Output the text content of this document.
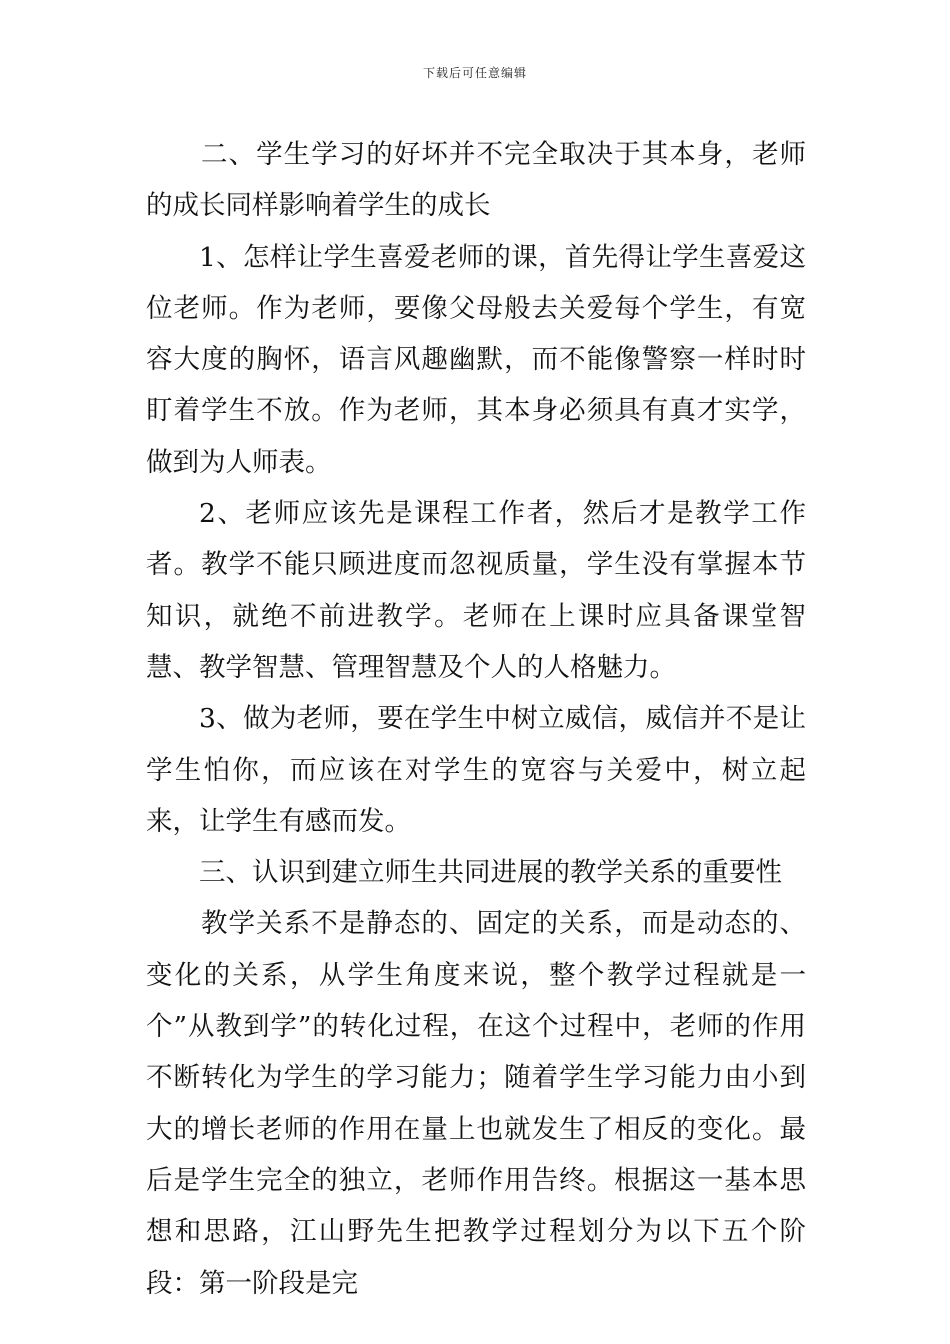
下载后可任意编辑

二、学生学习的好坏并不完全取决于其本身，老师的成长同样影响着学生的成长

1、怎样让学生喜爱老师的课，首先得让学生喜爱这位老师。作为老师，要像父母般去关爱每个学生，有宽容大度的胸怀，语言风趣幽默，而不能像警察一样时时盯着学生不放。作为老师，其本身必须具有真才实学，做到为人师表。

2、老师应该先是课程工作者，然后才是教学工作者。教学不能只顾进度而忽视质量，学生没有掌握本节知识，就绝不前进教学。老师在上课时应具备课堂智慧、教学智慧、管理智慧及个人的人格魅力。

3、做为老师，要在学生中树立威信，威信并不是让学生怕你，而应该在对学生的宽容与关爱中，树立起来，让学生有感而发。

三、认识到建立师生共同进展的教学关系的重要性

教学关系不是静态的、固定的关系，而是动态的、变化的关系，从学生角度来说，整个教学过程就是一个”从教到学”的转化过程，在这个过程中，老师的作用不断转化为学生的学习能力；随着学生学习能力由小到大的增长老师的作用在量上也就发生了相反的变化。最后是学生完全的独立，老师作用告终。根据这一基本思想和思路，江山野先生把教学过程划分为以下五个阶段：第一阶段是完
